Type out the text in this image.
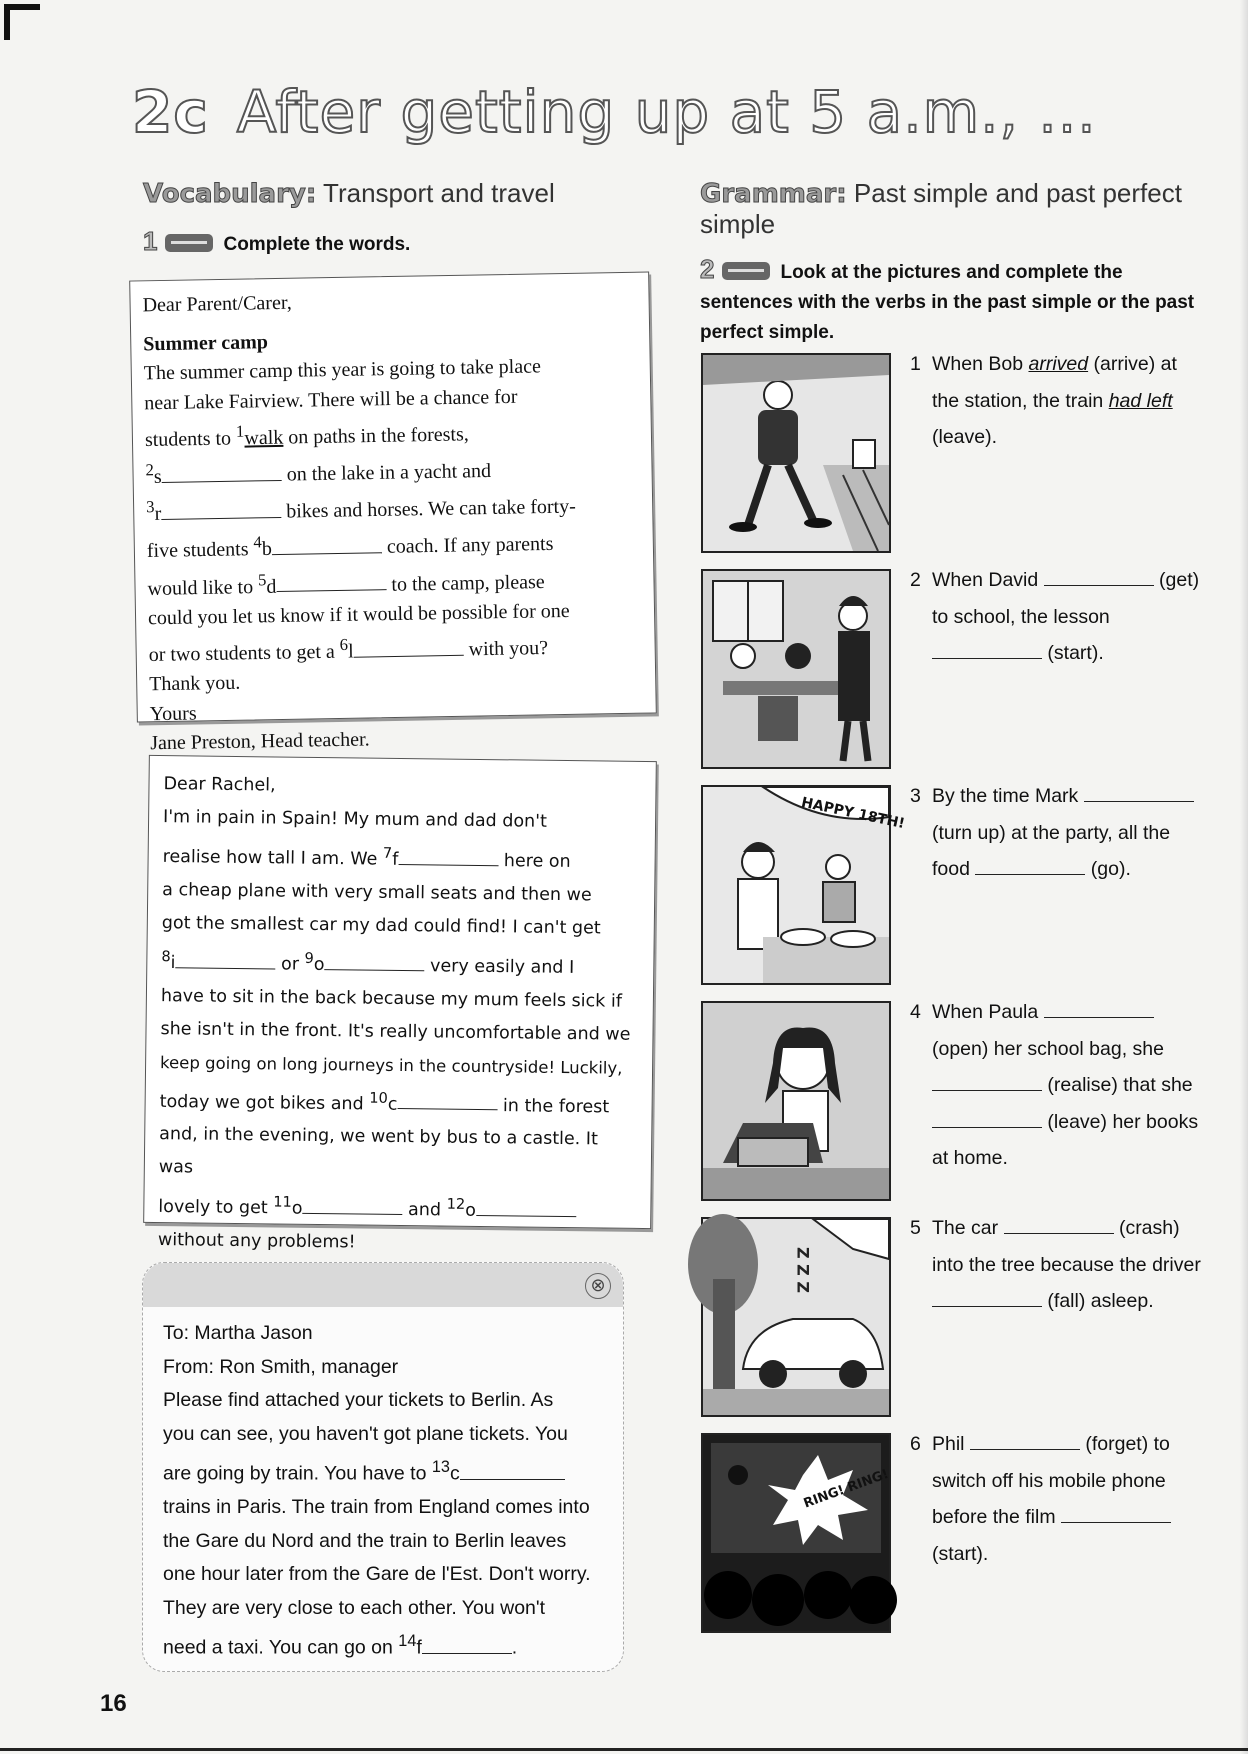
2c After getting up at 5 a.m., ...
Vocabulary: Transport and travel
1	Complete the words.

Dear Parent/Carer,

Summer camp

The summer camp this year is going to take place

near Lake Fairview. There will be a chance for

students to $^1$walk on paths in the forests,

$^2$s	on the lake in a yacht and

$^3$r	bikes and horses. We can take forty-

five students $^4$b	coach. If any parents

would like to $^5$d	to the camp, please

could you let us know if it would be possible for one

or two students to get a $^6$l	with you?

Thank you.

Yours

Jane Preston, Head teacher.

Dear Rachel,

I'm in pain in Spain! My mum and dad don't

realise how tall I am. We $^7$f	here on

a cheap plane with very small seats and then we

got the smallest car my dad could find! I can't get

$^8$i	or $^9$o	very easily and I

have to sit in the back because my mum feels sick if

she isn't in the front. It's really uncomfortable and we

keep going on long journeys in the countryside! Luckily,

today we got bikes and $^{10}$c	in the forest

and, in the evening, we went by bus to a castle. It was

lovely to get $^{11}$o	and $^{12}$o

without any problems!

⊗

To: Martha Jason

From: Ron Smith, manager

Please find attached your tickets to Berlin. As

you can see, you haven't got plane tickets. You

are going by train. You have to $^{13}$c

trains in Paris. The train from England comes into

the Gare du Nord and the train to Berlin leaves

one hour later from the Gare de l'Est. Don't worry.

They are very close to each other. You won't

need a taxi. You can go on $^{14}$f	.

Grammar: Past simple and past perfect simple
2	Look at the pictures and complete the sentences with the verbs in the past simple or the past perfect simple.
1 When Bob arrived (arrive) at the station, the train had left (leave).
2 When David	(get) to school, the lesson  (start).
HAPPY 18TH! 3 By the time Mark  (turn up) at the party, all the food	(go).
4 When Paula  (open) her school bag, she  (realise) that she  (leave) her books at home.
Z Z Z
5 The car	(crash) into the tree because the driver  (fall) asleep.
RING! RING!
6 Phil	(forget) to switch off his mobile phone before the film  (start).
16
